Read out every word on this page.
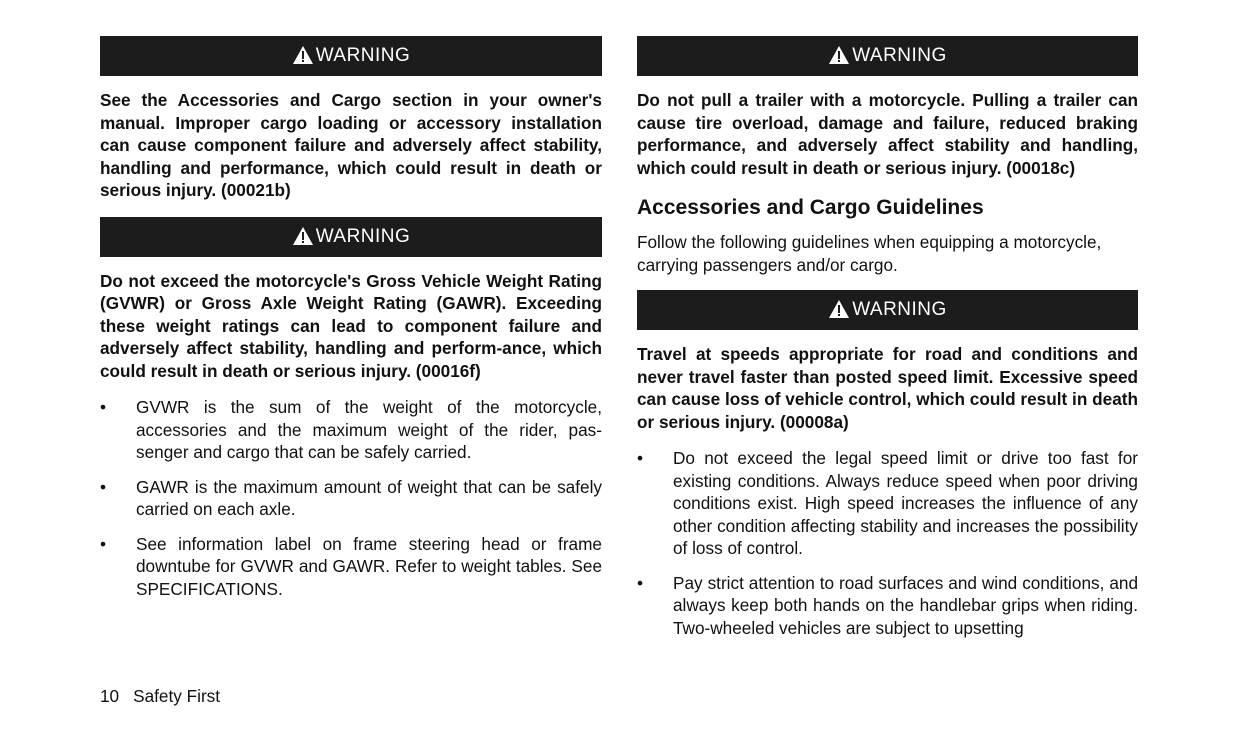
WARNING

See the Accessories and Cargo section in your owner's manual. Improper cargo loading or accessory installation can cause component failure and adversely affect stability, handling and performance, which could result in death or serious injury. (00021b)

WARNING

Do not exceed the motorcycle's Gross Vehicle Weight Rating (GVWR) or Gross Axle Weight Rating (GAWR). Exceeding these weight ratings can lead to component failure and adversely affect stability, handling and perform-ance, which could result in death or serious injury. (00016f)

• GVWR is the sum of the weight of the motorcycle, accessories and the maximum weight of the rider, pas-senger and cargo that can be safely carried.
• GAWR is the maximum amount of weight that can be safely carried on each axle.
• See information label on frame steering head or frame downtube for GVWR and GAWR. Refer to weight tables. See SPECIFICATIONS.
WARNING

Do not pull a trailer with a motorcycle. Pulling a trailer can cause tire overload, damage and failure, reduced braking performance, and adversely affect stability and handling, which could result in death or serious injury. (00018c)

Accessories and Cargo Guidelines

Follow the following guidelines when equipping a motorcycle, carrying passengers and/or cargo.

WARNING

Travel at speeds appropriate for road and conditions and never travel faster than posted speed limit. Excessive speed can cause loss of vehicle control, which could result in death or serious injury. (00008a)

• Do not exceed the legal speed limit or drive too fast for existing conditions. Always reduce speed when poor driving conditions exist. High speed increases the influence of any other condition affecting stability and increases the possibility of loss of control.
• Pay strict attention to road surfaces and wind conditions, and always keep both hands on the handlebar grips when riding. Two-wheeled vehicles are subject to upsetting
10 Safety First
